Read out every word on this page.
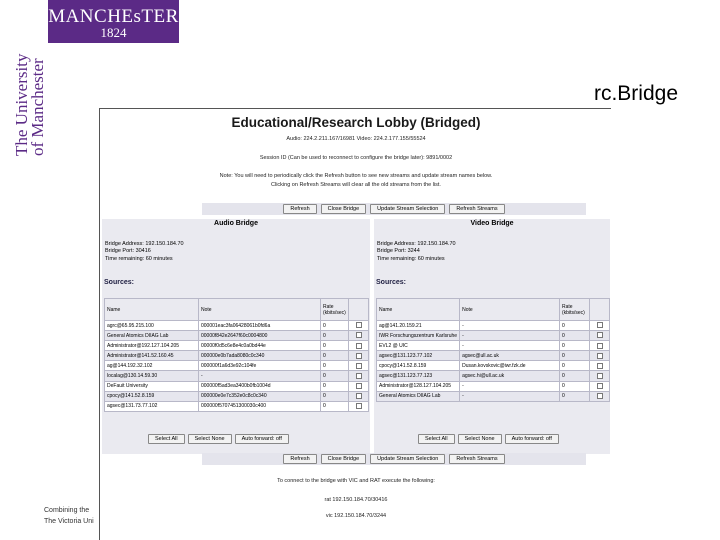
MANCHEsTER
1824
The University
of Manchester	rc.Bridge
Combining the
The Victoria Uni
Educational/Research Lobby (Bridged)
Audio: 224.2.211.167/16981 Video: 224.2.177.155/55524
Session ID (Can be used to reconnect to configure the bridge later): 9891/0002
Note: You will need to periodically click the Refresh button to see new streams and update stream names below.
Clicking on Refresh Streams will clear all the old streams from the list.
Refresh	Close Bridge	Update Stream Selection	Refresh Streams
Audio Bridge
Bridge Address: 192.150.184.70
Bridge Port: 30416
Time remaining: 60 minutes
Sources:
Name	Note	Rate (kbits/sec)	
agrc@65.95.215.100	000001eac3fa06428061b0fd6a	0	
General Atomics DIIAG Lab	00000f842e2647f60c0004800	0	
Administrator@192.127.104.205	00000f0d5c6e8e4c0a0bd44e	0	
Administrator@141.52.160.45	000000e0b7ada8080c0c340	0	
ag@144.192.32.102	000000f1a6d3e92c104fe	0	
localag@130.14.59.30	-	0	
DeFauit University	000000f5ad3ea3400b0fb1004d	0	
cpocy@141.52.8.159	000000e0e7c352e0c8c0c340	0	
agsec@131.73.77.102	000000f5707451300030c400	0	
Select All	Select None	Auto forward: off
Video Bridge
Bridge Address: 192.150.184.70
Bridge Port: 3244
Time remaining: 60 minutes
Sources:
Name	Note	Rate (kbits/sec)	
ag@141.20.159.21	-	0	
IWR Forschungszentrum Karlsruhe	-	0	
EVL2 @ UIC	-	0	
agsec@131.123.77.102	agsec@ull.ac.uk	0	
cpocy@141.52.8.159	Dusan.kovskovic@iwr.fzk.de	0	
agsec@131.123.77.123	agsec.hi@ull.ac.uk	0	
Administrator@128.127.104.205	-	0	
General Atomics DIIAG Lab	-	0	
Select All	Select None	Auto forward: off
Refresh	Close Bridge	Update Stream Selection	Refresh Streams
To connect to the bridge with VIC and RAT execute the following:
rat 192.150.184.70/30416
vic 192.150.184.70/3244
